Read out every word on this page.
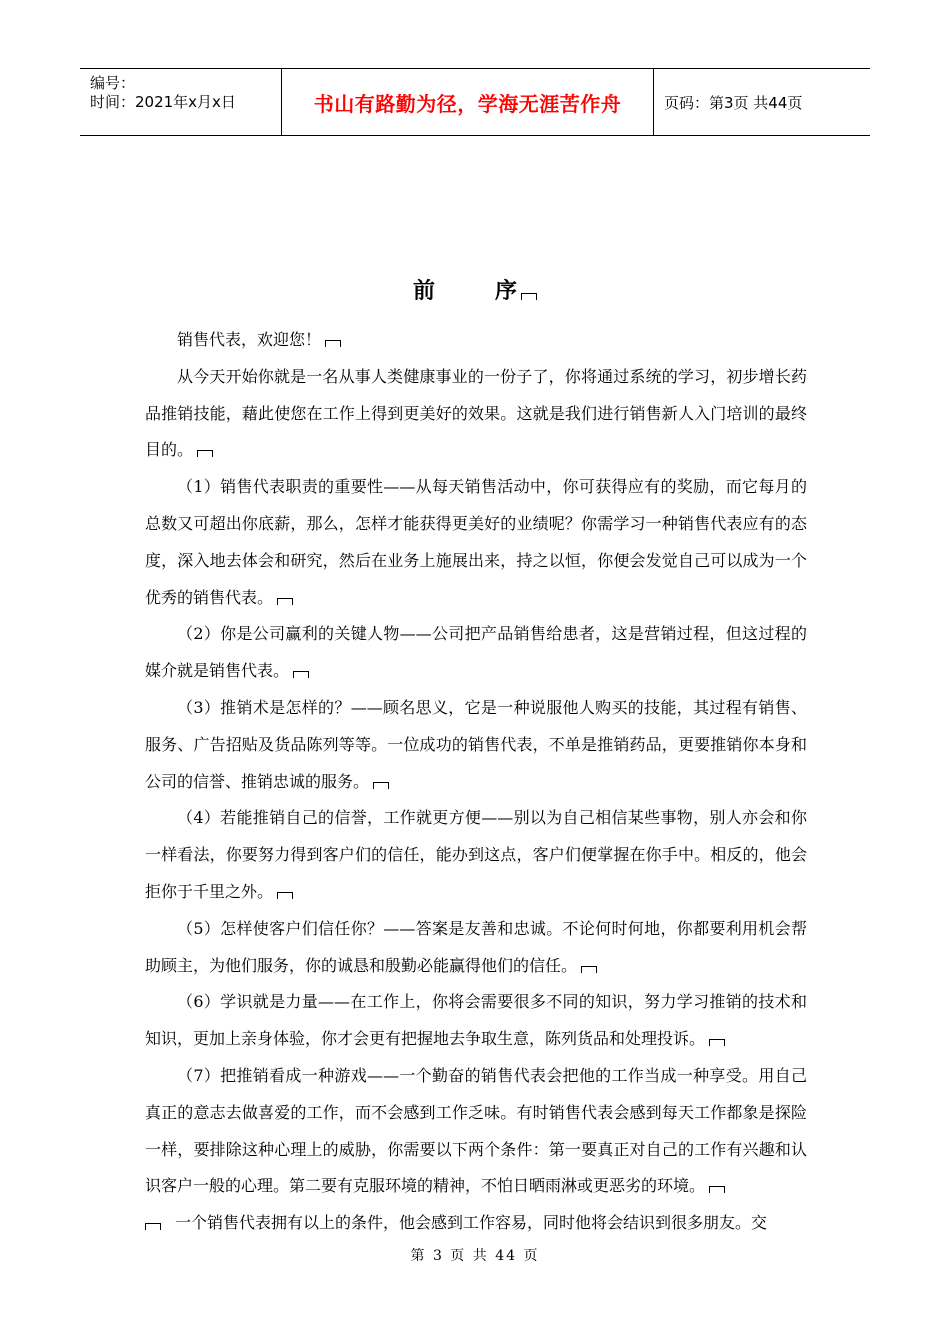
编号：
时间：2021年x月x日	书山有路勤为径，学海无涯苦作舟	页码：第3页 共44页
前	序

销售代表，欢迎您！

从今天开始你就是一名从事人类健康事业的一份子了，你将通过系统的学习，初步增长药品推销技能，藉此使您在工作上得到更美好的效果。这就是我们进行销售新人入门培训的最终目的。

（1）销售代表职责的重要性——从每天销售活动中，你可获得应有的奖励，而它每月的总数又可超出你底薪，那么，怎样才能获得更美好的业绩呢？你需学习一种销售代表应有的态度，深入地去体会和研究，然后在业务上施展出来，持之以恒，你便会发觉自己可以成为一个优秀的销售代表。

（2）你是公司赢利的关键人物——公司把产品销售给患者，这是营销过程，但这过程的媒介就是销售代表。

（3）推销术是怎样的？——顾名思义，它是一种说服他人购买的技能，其过程有销售、服务、广告招贴及货品陈列等等。一位成功的销售代表，不单是推销药品，更要推销你本身和公司的信誉、推销忠诚的服务。

（4）若能推销自己的信誉，工作就更方便——别以为自己相信某些事物，别人亦会和你一样看法，你要努力得到客户们的信任，能办到这点，客户们便掌握在你手中。相反的，他会拒你于千里之外。

（5）怎样使客户们信任你？——答案是友善和忠诚。不论何时何地，你都要利用机会帮助顾主，为他们服务，你的诚恳和殷勤必能赢得他们的信任。

（6）学识就是力量——在工作上，你将会需要很多不同的知识，努力学习推销的技术和知识，更加上亲身体验，你才会更有把握地去争取生意，陈列货品和处理投诉。

（7）把推销看成一种游戏——一个勤奋的销售代表会把他的工作当成一种享受。用自己真正的意志去做喜爱的工作，而不会感到工作乏味。有时销售代表会感到每天工作都象是探险一样，要排除这种心理上的威胁，你需要以下两个条件：第一要真正对自己的工作有兴趣和认识客户一般的心理。第二要有克服环境的精神，不怕日晒雨淋或更恶劣的环境。

一个销售代表拥有以上的条件，他会感到工作容易，同时他将会结识到很多朋友。交

第 3 页 共 44 页
